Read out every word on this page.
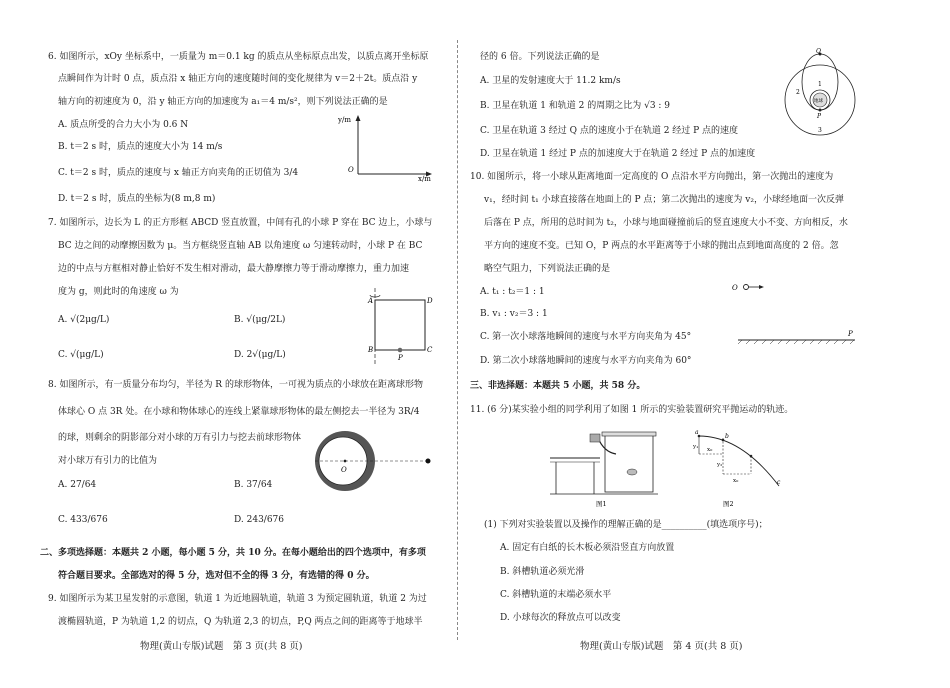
6. 如图所示，xOy 坐标系中，一质量为 m＝0.1 kg 的质点从坐标原点出发，以质点离开坐标原
点瞬间作为计时 0 点，质点沿 x 轴正方向的速度随时间的变化规律为 v＝2＋2t。质点沿 y
轴方向的初速度为 0，沿 y 轴正方向的加速度为 a₁＝4 m/s²，则下列说法正确的是
A. 质点所受的合力大小为 0.6 N
B. t＝2 s 时，质点的速度大小为 14 m/s
C. t＝2 s 时，质点的速度与 x 轴正方向夹角的正切值为 3/4
D. t＝2 s 时，质点的坐标为(8 m,8 m)
y/m
O
x/m
7. 如图所示，边长为 L 的正方形框 ABCD 竖直放置，中间有孔的小球 P 穿在 BC 边上，小球与
BC 边之间的动摩擦因数为 μ。当方框绕竖直轴 AB 以角速度 ω 匀速转动时，小球 P 在 BC
边的中点与方框相对静止恰好不发生相对滑动，最大静摩擦力等于滑动摩擦力，重力加速
度为 g，则此时的角速度 ω 为
A. √(2μg/L)	B. √(μg/2L)
C. √(μg/L)	D. 2√(μg/L)
A	D
B	C
P
8. 如图所示，有一质量分布均匀，半径为 R 的球形物体，一可视为质点的小球放在距离球形物
体球心 O 点 3R 处。在小球和物体球心的连线上紧靠球形物体的最左侧挖去一半径为 3R/4
的球，则剩余的阴影部分对小球的万有引力与挖去前球形物体
对小球万有引力的比值为
A. 27/64	B. 37/64
C. 433/676	D. 243/676
O
二、多项选择题：本题共 2 小题，每小题 5 分，共 10 分。在每小题给出的四个选项中，有多项
符合题目要求。全部选对的得 5 分，选对但不全的得 3 分，有选错的得 0 分。
9. 如图所示为某卫星发射的示意图，轨道 1 为近地圆轨道，轨道 3 为预定圆轨道，轨道 2 为过
渡椭圆轨道，P 为轨道 1,2 的切点，Q 为轨道 2,3 的切点，P,Q 两点之间的距离等于地球半
物理(黄山专版)试题　第 3 页(共 8 页)
径的 6 倍。下列说法正确的是
A. 卫星的发射速度大于 11.2 km/s
B. 卫星在轨道 1 和轨道 2 的周期之比为 √3 : 9
C. 卫星在轨道 3 经过 Q 点的速度小于在轨道 2 经过 P 点的速度
D. 卫星在轨道 1 经过 P 点的加速度大于在轨道 2 经过 P 点的加速度
Q
P
1
2
3
地球
10. 如图所示，将一小球从距离地面一定高度的 O 点沿水平方向抛出，第一次抛出的速度为
v₁，经时间 t₁ 小球直接落在地面上的 P 点；第二次抛出的速度为 v₂，小球经地面一次反弹
后落在 P 点，所用的总时间为 t₂，小球与地面碰撞前后的竖直速度大小不变、方向相反，水
平方向的速度不变。已知 O，P 两点的水平距离等于小球的抛出点到地面高度的 2 倍。忽
略空气阻力，下列说法正确的是
A. t₁ : t₂＝1 : 1
B. v₁ : v₂＝3 : 1
C. 第一次小球落地瞬间的速度与水平方向夹角为 45°
D. 第二次小球落地瞬间的速度与水平方向夹角为 60°
O
P
三、非选择题：本题共 5 小题，共 58 分。
11. (6 分)某实验小组的同学利用了如图 1 所示的实验装置研究平抛运动的轨迹。
图1
a
b
c
y₁
y₂
x₀
x₀
图2
(1) 下列对实验装置以及操作的理解正确的是__________(填选项序号)；
A. 固定有白纸的长木板必须沿竖直方向放置
B. 斜槽轨道必须光滑
C. 斜槽轨道的末端必须水平
D. 小球每次的释放点可以改变
物理(黄山专版)试题　第 4 页(共 8 页)
